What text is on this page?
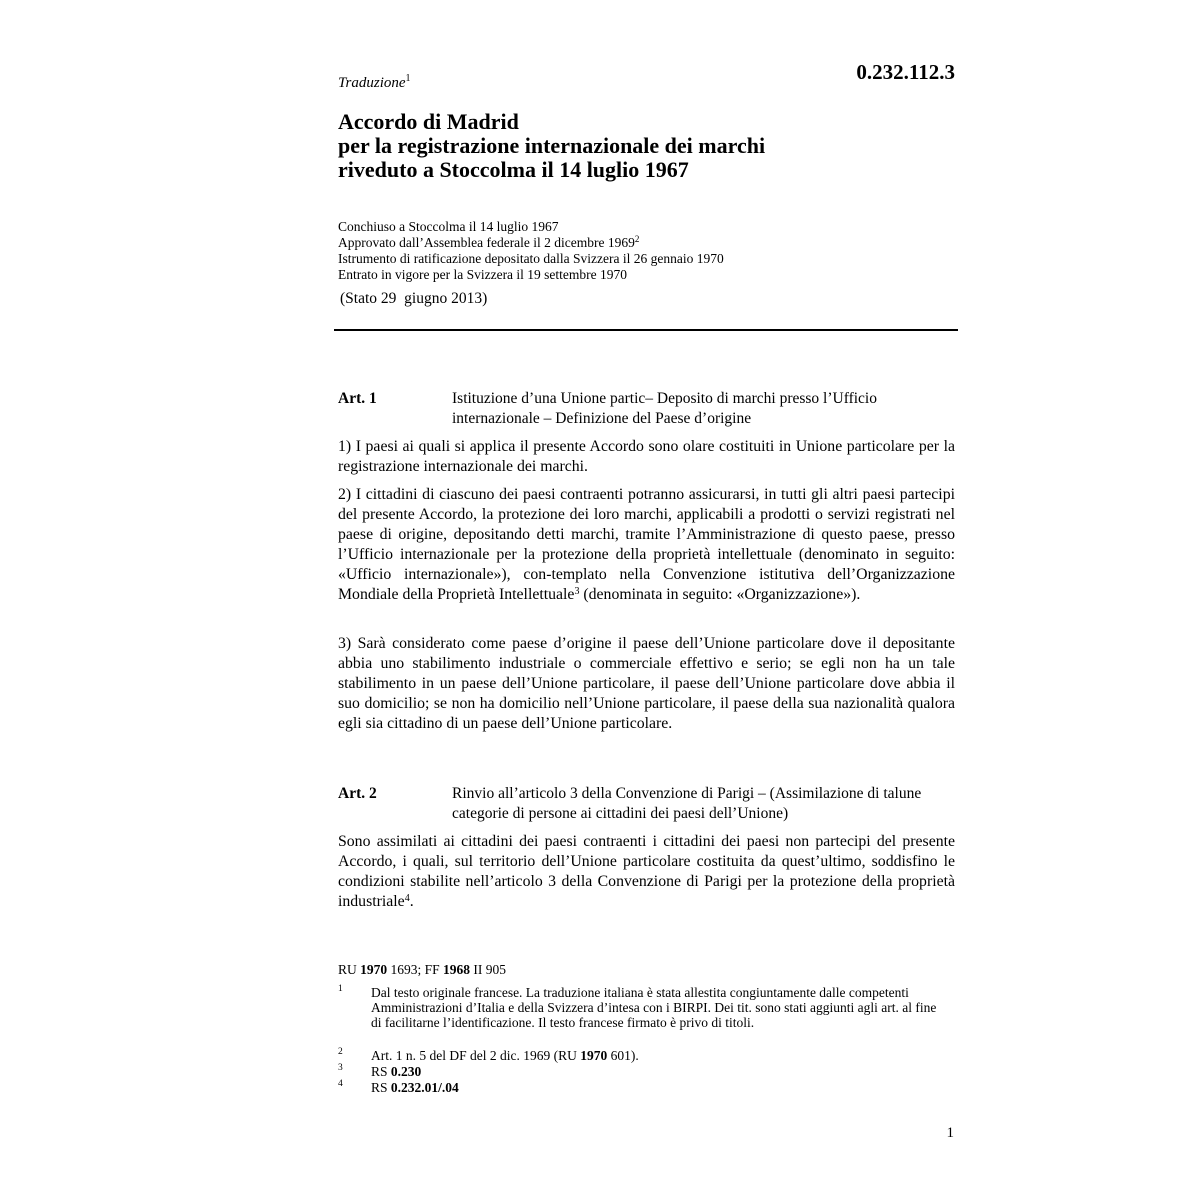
Traduzione$^1$	0.232.112.3
Accordo di Madrid
per la registrazione internazionale dei marchi
riveduto a Stoccolma il 14 luglio 1967
Conchiuso a Stoccolma il 14 luglio 1967
Approvato dall’Assemblea federale il 2 dicembre 1969$^2$
Istrumento di ratificazione depositato dalla Svizzera il 26 gennaio 1970
Entrato in vigore per la Svizzera il 19 settembre 1970
(Stato 29  giugno 2013)
Art. 1	Istituzione d’una Unione partic– Deposito di marchi presso l’Ufficio internazionale – Definizione del Paese d’origine
1) I paesi ai quali si applica il presente Accordo sono olare costituiti in Unione particolare per la registrazione internazionale dei marchi.
2) I cittadini di ciascuno dei paesi contraenti potranno assicurarsi, in tutti gli altri paesi partecipi del presente Accordo, la protezione dei loro marchi, applicabili a prodotti o servizi registrati nel paese di origine, depositando detti marchi, tramite l’Amministrazione di questo paese, presso l’Ufficio internazionale per la protezione della proprietà intellettuale (denominato in seguito: «Ufficio internazionale»), con-templato nella Convenzione istitutiva dell’Organizzazione Mondiale della Proprietà Intellettuale$^3$ (denominata in seguito: «Organizzazione»).
3) Sarà considerato come paese d’origine il paese dell’Unione particolare dove il depositante abbia uno stabilimento industriale o commerciale effettivo e serio; se egli non ha un tale stabilimento in un paese dell’Unione particolare, il paese dell’Unione particolare dove abbia il suo domicilio; se non ha domicilio nell’Unione particolare, il paese della sua nazionalità qualora egli sia cittadino di un paese dell’Unione particolare.
Art. 2	Rinvio all’articolo 3 della Convenzione di Parigi – (Assimilazione di talune categorie di persone ai cittadini dei paesi dell’Unione)
Sono assimilati ai cittadini dei paesi contraenti i cittadini dei paesi non partecipi del presente Accordo, i quali, sul territorio dell’Unione particolare costituita da quest’ultimo, soddisfino le condizioni stabilite nell’articolo 3 della Convenzione di Parigi per la protezione della proprietà industriale$^4$.
RU 1970 1693; FF 1968 II 905
1 Dal testo originale francese. La traduzione italiana è stata allestita congiuntamente dalle competenti Amministrazioni d’Italia e della Svizzera d’intesa con i BIRPI. Dei tit. sono stati aggiunti agli art. al fine di facilitarne l’identificazione. Il testo francese firmato è privo di titoli.
2 Art. 1 n. 5 del DF del 2 dic. 1969 (RU 1970 601).
3 RS 0.230
4 RS 0.232.01/.04
1
